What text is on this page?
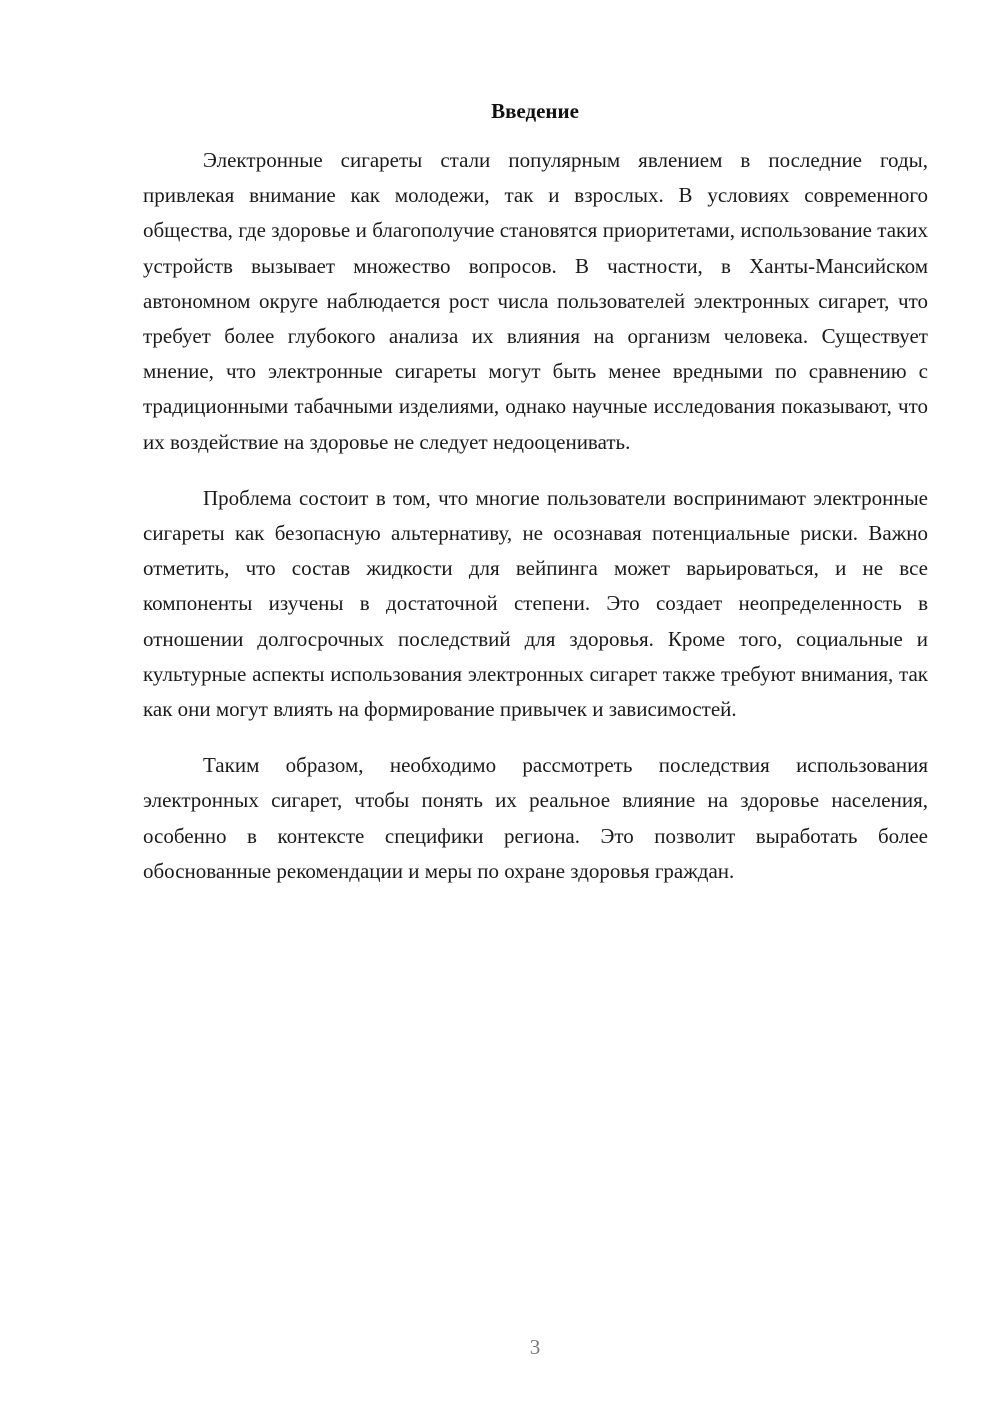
Введение

Электронные сигареты стали популярным явлением в последние годы, привлекая внимание как молодежи, так и взрослых. В условиях современного общества, где здоровье и благополучие становятся приоритетами, использование таких устройств вызывает множество вопросов. В частности, в Ханты-Мансийском автономном округе наблюдается рост числа пользователей электронных сигарет, что требует более глубокого анализа их влияния на организм человека. Существует мнение, что электронные сигареты могут быть менее вредными по сравнению с традиционными табачными изделиями, однако научные исследования показывают, что их воздействие на здоровье не следует недооценивать.

Проблема состоит в том, что многие пользователи воспринимают электронные сигареты как безопасную альтернативу, не осознавая потенциальные риски. Важно отметить, что состав жидкости для вейпинга может варьироваться, и не все компоненты изучены в достаточной степени. Это создает неопределенность в отношении долгосрочных последствий для здоровья. Кроме того, социальные и культурные аспекты использования электронных сигарет также требуют внимания, так как они могут влиять на формирование привычек и зависимостей.

Таким образом, необходимо рассмотреть последствия использования электронных сигарет, чтобы понять их реальное влияние на здоровье населения, особенно в контексте специфики региона. Это позволит выработать более обоснованные рекомендации и меры по охране здоровья граждан.

3
